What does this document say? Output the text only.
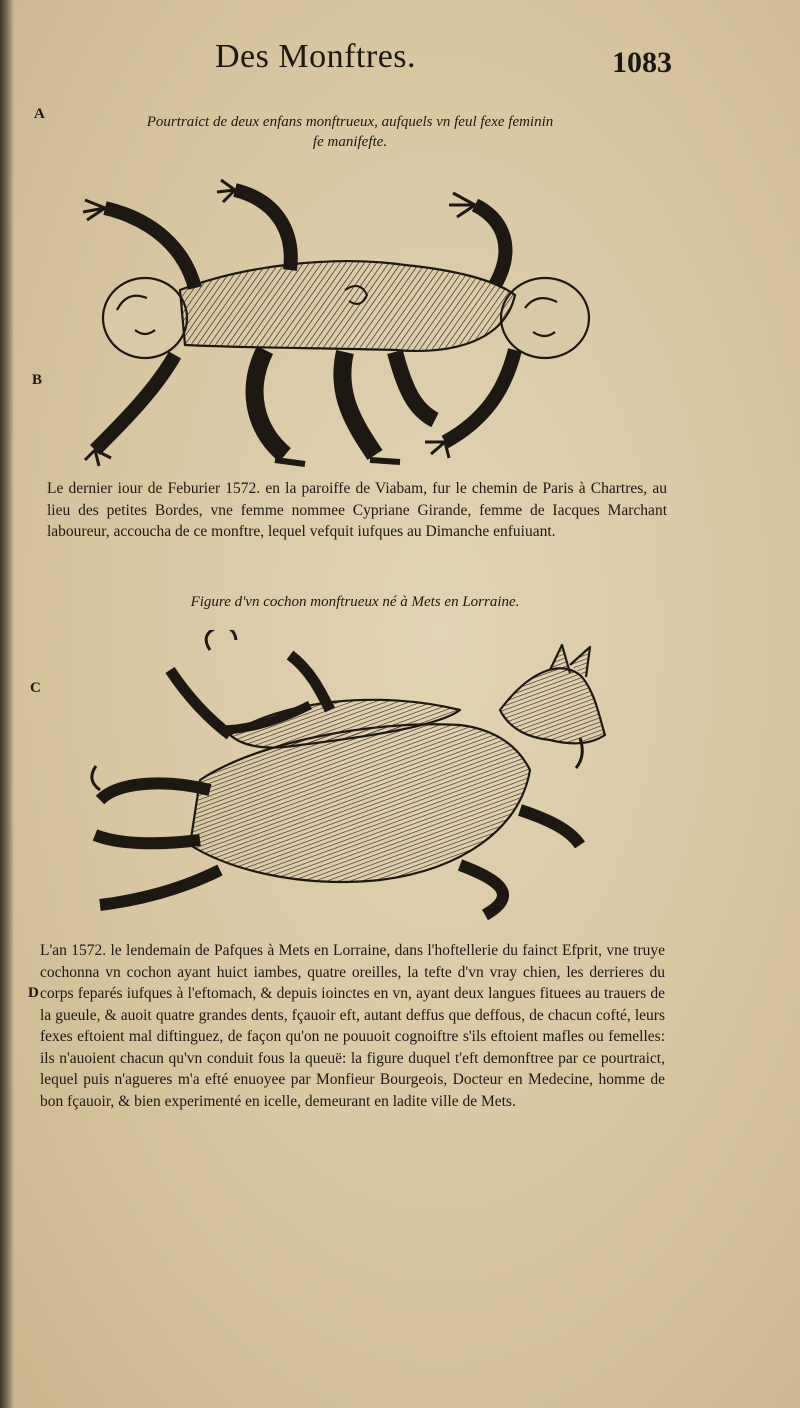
Des Monftres.	1083
A
B
C
D

Pourtraict de deux enfans monftrueux, aufquels vn feul fexe feminin

fe manifefte.

Le dernier iour de Feburier 1572. en la paroiffe de Viabam, fur le chemin de Paris à Chartres, au lieu des petites Bordes, vne femme nommee Cypriane Girande, femme de Iacques Marchant laboureur, accoucha de ce monftre, lequel vefquit iufques au Dimanche enfuiuant.

Figure d'vn cochon monftrueux né à Mets en Lorraine.

L'an 1572. le lendemain de Pafques à Mets en Lorraine, dans l'hoftellerie du fainct Efprit, vne truye cochonna vn cochon ayant huict iambes, quatre oreilles, la tefte d'vn vray chien, les derrieres du corps feparés iufques à l'eftomach, & depuis ioinctes en vn, ayant deux langues fituees au trauers de la gueule, & auoit quatre grandes dents, fçauoir eft, autant deffus que deffous, de chacun cofté, leurs fexes eftoient mal diftinguez, de façon qu'on ne pouuoit cognoiftre s'ils eftoient mafles ou femelles: ils n'auoient chacun qu'vn conduit fous la queuë: la figure duquel t'eft demonftree par ce pourtraict, lequel puis n'agueres m'a efté enuoyee par Monfieur Bourgeois, Docteur en Medecine, homme de bon fçauoir, & bien experimenté en icelle, demeurant en ladite ville de Mets.
